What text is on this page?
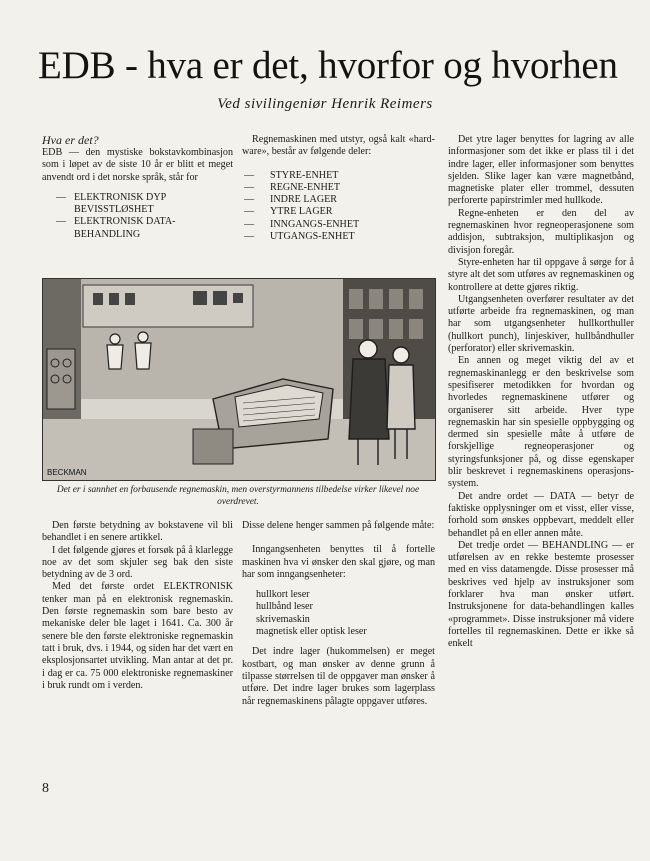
EDB - hva er det, hvorfor og hvorhen
Ved sivilingeniør Henrik Reimers
Hva er det?

EDB — den mystiske bokstavkombinasjon som i løpet av de siste 10 år er blitt et meget anvendt ord i det norske språk, står for

— ELEKTRONISK DYP BEVISSTLØSHET
— ELEKTRONISK DATABEHANDLING

Regnemaskinen med utstyr, også kalt «hard-ware», består av følgende deler:

— STYRE-ENHET
— REGNE-ENHET
— INDRE LAGER
— YTRE LAGER
— INNGANGS-ENHET
— UTGANGS-ENHET
BECKMAN
Det er i sannhet en forbausende regnemaskin, men overstyrmannens tilbedelse virker likevel noe overdrevet.

Den første betydning av bokstavene vil bli behandlet i en senere artikkel.

I det følgende gjøres et forsøk på å klarlegge noe av det som skjuler seg bak den siste betydning av de 3 ord.

Med det første ordet ELEKTRONISK tenker man på en elektronisk regnemaskin. Den første regnemaskin som bare besto av mekaniske deler ble laget i 1641. Ca. 300 år senere ble den første elektroniske regnemaskin tatt i bruk, dvs. i 1944, og siden har det vært en eksplosjonsartet utvikling. Man antar at det pr. i dag er ca. 75 000 elektroniske regnemaskiner i bruk rundt om i verden.

Disse delene henger sammen på følgende måte:

Inngangsenheten benyttes til å fortelle maskinen hva vi ønsker den skal gjøre, og man har som inngangsenheter:

hullkort leser
hullbånd leser
skrivemaskin
magnetisk eller optisk leser

Det indre lager (hukommelsen) er meget kostbart, og man ønsker av denne grunn å tilpasse størrelsen til de oppgaver man ønsker å utføre. Det indre lager brukes som lagerplass når regnemaskinens pålagte oppgaver utføres.

Det ytre lager benyttes for lagring av alle informasjoner som det ikke er plass til i det indre lager, eller informasjoner som benyttes sjelden. Slike lager kan være magnetbånd, magnetiske plater eller trommel, dessuten perforerte papirstrimler med hullkode.

Regne-enheten er den del av regnemaskinen hvor regneoperasjonene som addisjon, subtraksjon, multiplikasjon og divisjon foregår.

Styre-enheten har til oppgave å sørge for å styre alt det som utføres av regnemaskinen og kontrollere at dette gjøres riktig.

Utgangsenheten overfører resultater av det utførte arbeide fra regnemaskinen, og man har som utgangsenheter hullkorthuller (hullkort punch), linjeskiver, hullbåndhuller (perforator) eller skrivemaskin.

En annen og meget viktig del av et regnemaskinanlegg er den beskrivelse som spesifiserer metodikken for hvordan og hvorledes regnemaskinene utfører og organiserer sitt arbeide. Hver type regnemaskin har sin spesielle oppbygging og dermed sin spesielle måte å utføre de forskjellige regneoperasjoner og styringsfunksjoner på, og disse egenskaper blir beskrevet i regnemaskinens operasjons-system.

Det andre ordet — DATA — betyr de faktiske opplysninger om et visst, eller visse, forhold som ønskes oppbevart, meddelt eller behandlet på en eller annen måte.

Det tredje ordet — BEHANDLING — er utførelsen av en rekke bestemte prosesser med en viss datamengde. Disse prosesser må beskrives ved hjelp av instruksjoner som forklarer hva man ønsker utført. Instruksjonene for data-behandlingen kalles «programmet». Disse instruksjoner må videre fortelles til regnemaskinen. Dette er ikke så enkelt

8
